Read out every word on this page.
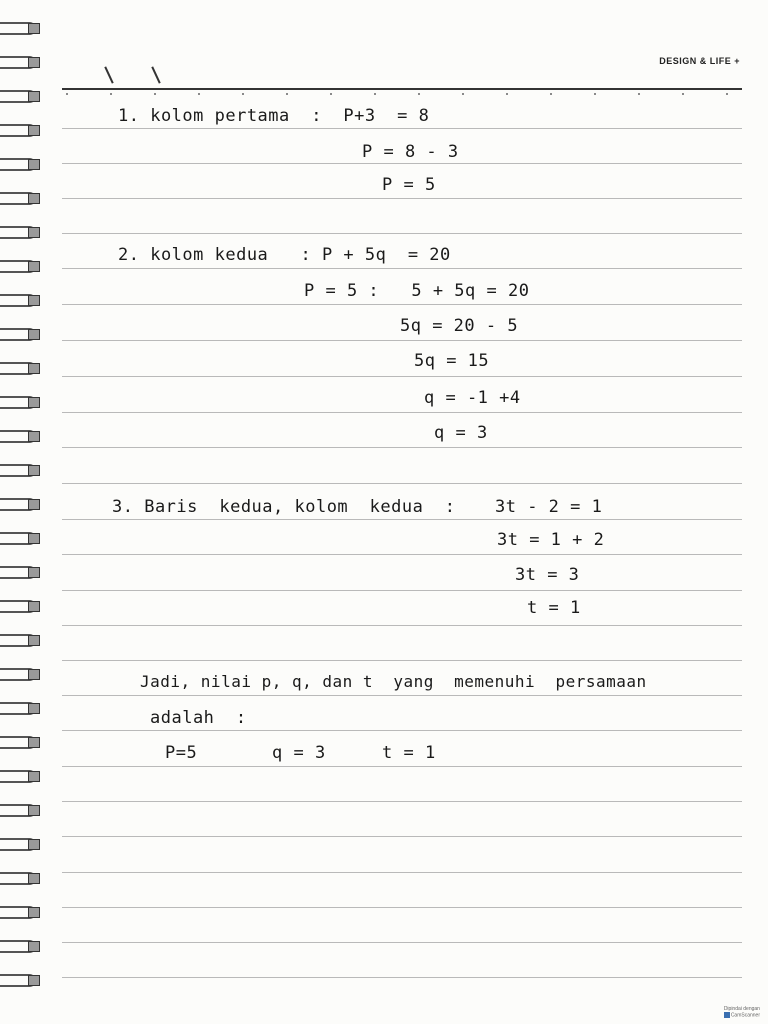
DESIGN & LIFE +
1. kolom pertama  :  P+3  = 8
P = 8 - 3
P = 5
2. kolom kedua   : P + 5q  = 20
P = 5 :   5 + 5q = 20
5q = 20 - 5
5q = 15
q = -1 +4
q = 3
3. Baris  kedua, kolom  kedua  : 3t - 2 = 1
3t = 1 + 2
3t = 3
t = 1
Jadi, nilai p, q, dan t  yang  memenuhi  persamaan
adalah  :
P=5	q = 3	t = 1
Dipindai dengan
CamScanner
